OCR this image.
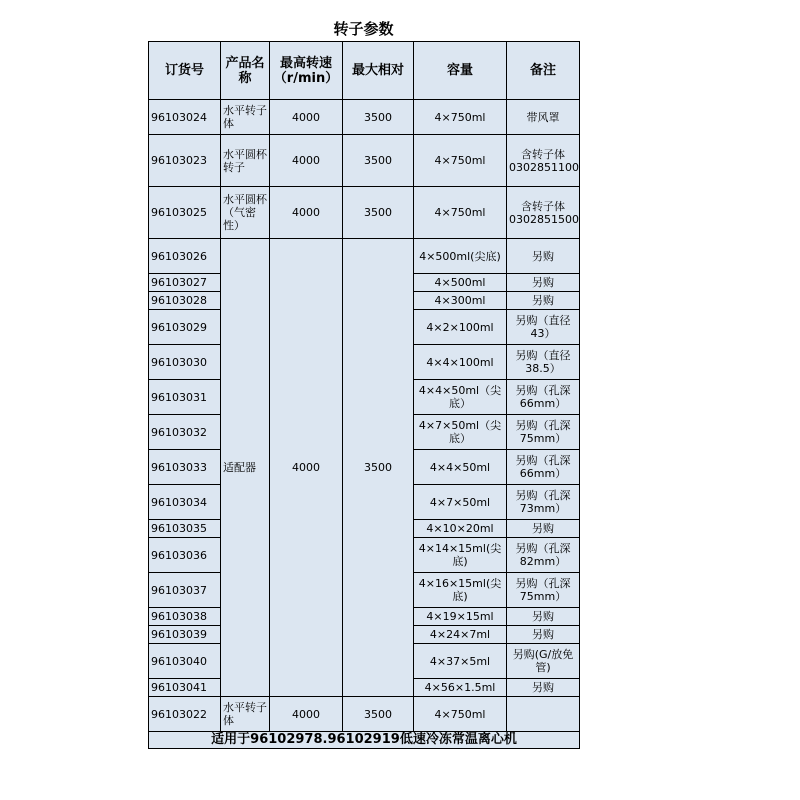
转子参数
订货号	产品名称	最高转速（r/min）	最大相对	容量	备注
96103024	水平转子体	4000	3500	4×750ml	带风罩
96103023	水平圆杯转子	4000	3500	4×750ml	含转子体0302851100
96103025	水平圆杯（气密性）	4000	3500	4×750ml	含转子体0302851500
96103026	适配器	4000	3500	4×500ml(尖底)	另购
96103027				4×500ml	另购
96103028				4×300ml	另购
96103029				4×2×100ml	另购（直径43）
96103030				4×4×100ml	另购（直径38.5）
96103031				4×4×50ml（尖底）	另购（孔深66mm）
96103032				4×7×50ml（尖底）	另购（孔深75mm）
96103033				4×4×50ml	另购（孔深66mm）
96103034				4×7×50ml	另购（孔深73mm）
96103035				4×10×20ml	另购
96103036				4×14×15ml(尖底)	另购（孔深82mm）
96103037				4×16×15ml(尖底)	另购（孔深75mm）
96103038				4×19×15ml	另购
96103039				4×24×7ml	另购
96103040				4×37×5ml	另购(G/放免管)
96103041				4×56×1.5ml	另购
96103022	水平转子体	4000	3500	4×750ml	
适用于96102978.96102919低速冷冻常温离心机					
